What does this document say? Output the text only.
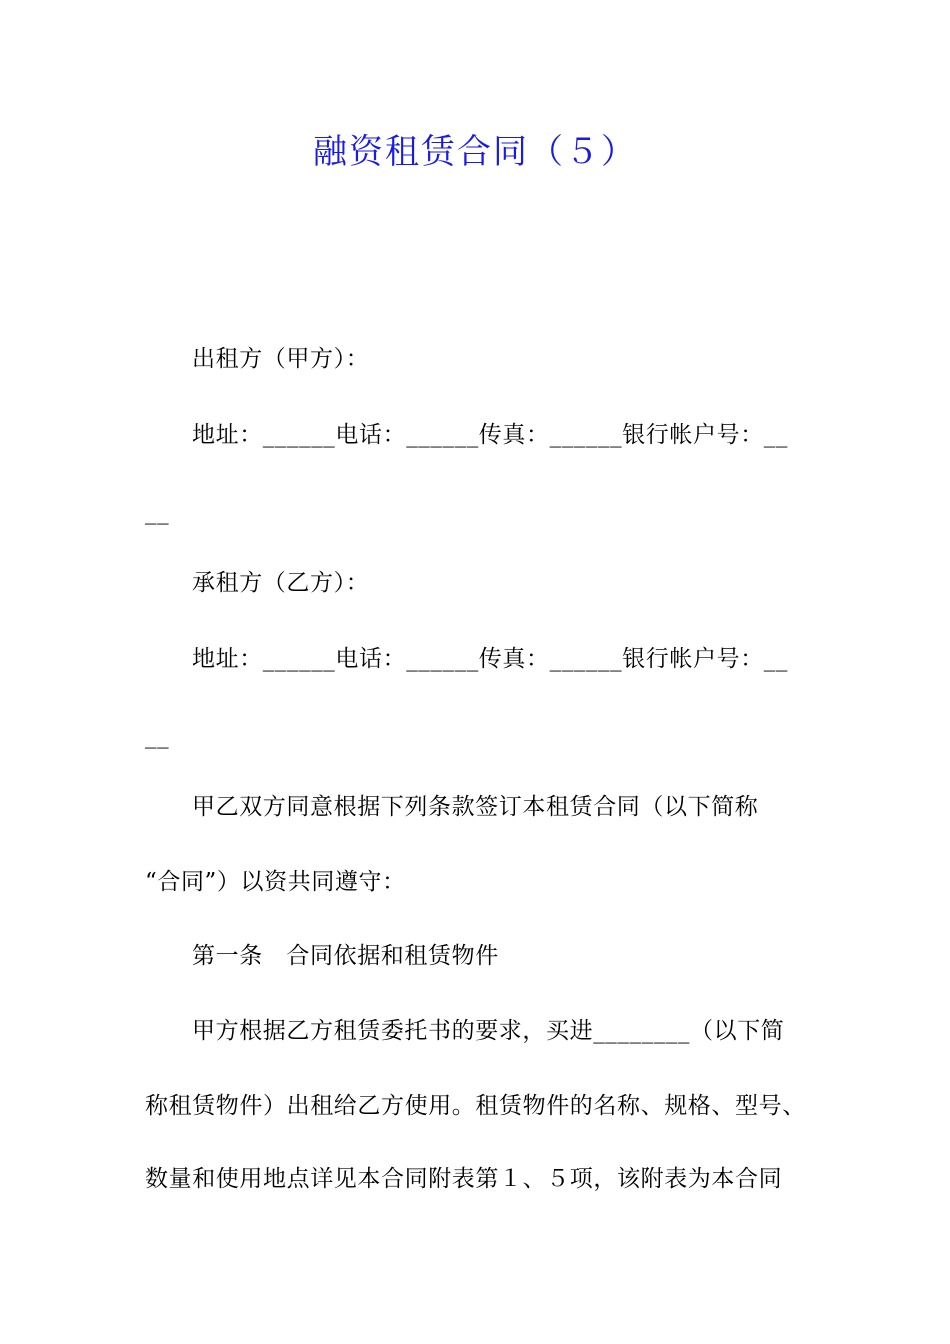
融资租赁合同（５）
出租方（甲方）：
地址：______电话：______传真：______银行帐户号：__
__
承租方（乙方）：
地址：______电话：______传真：______银行帐户号：__
__
甲乙双方同意根据下列条款签订本租赁合同（以下简称
“合同”）以资共同遵守：
第一条　合同依据和租赁物件
甲方根据乙方租赁委托书的要求，买进________（以下简
称租赁物件）出租给乙方使用。租赁物件的名称、规格、型号、
数量和使用地点详见本合同附表第１、５项，该附表为本合同
